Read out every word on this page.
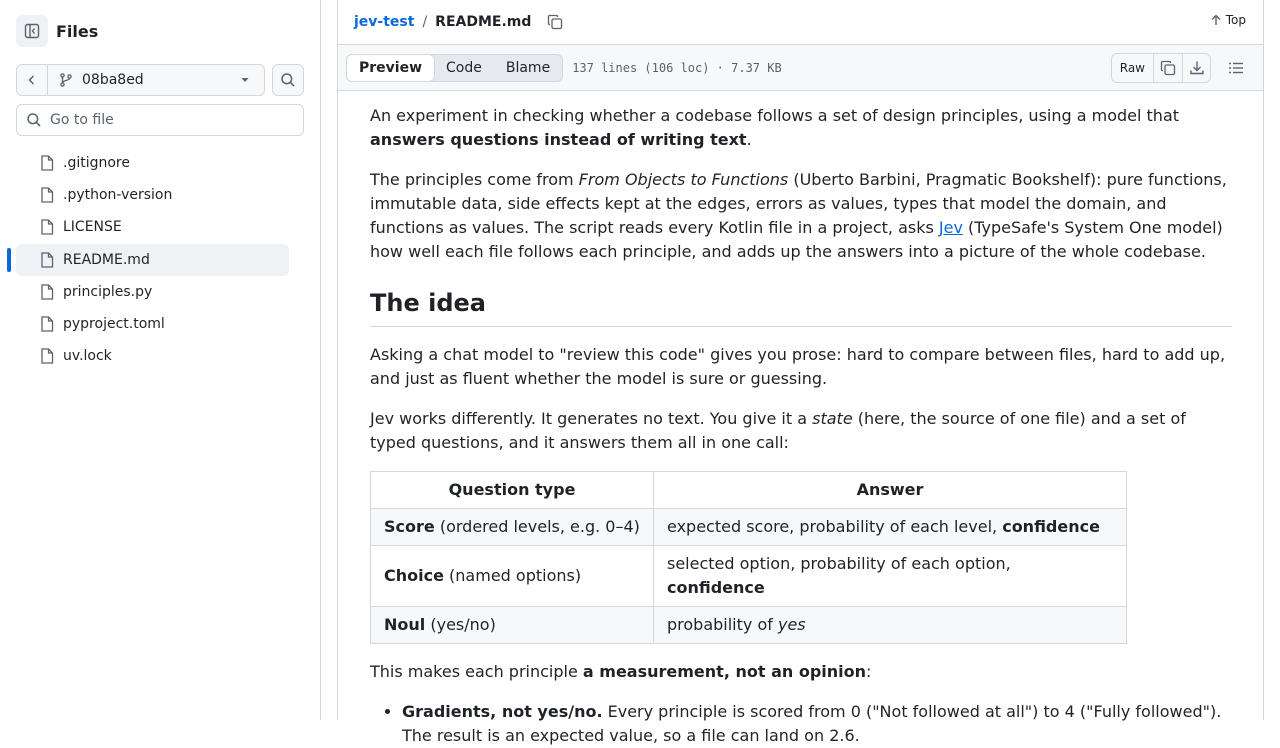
Files
08ba8ed
Go to file
.gitignore
.python-version
LICENSE
README.md
principles.py
pyproject.toml
uv.lock
jev-test / README.md	Top
Preview	Code	Blame	137 lines (106 loc) · 7.37 KB	Raw

An experiment in checking whether a codebase follows a set of design principles, using a model that answers questions instead of writing text.

The principles come from From Objects to Functions (Uberto Barbini, Pragmatic Bookshelf): pure functions, immutable data, side effects kept at the edges, errors as values, types that model the domain, and functions as values. The script reads every Kotlin file in a project, asks Jev (TypeSafe's System One model) how well each file follows each principle, and adds up the answers into a picture of the whole codebase.

The idea

Asking a chat model to "review this code" gives you prose: hard to compare between files, hard to add up, and just as fluent whether the model is sure or guessing.

Jev works differently. It generates no text. You give it a state (here, the source of one file) and a set of typed questions, and it answers them all in one call:

Question type	Answer
Score (ordered levels, e.g. 0–4)	expected score, probability of each level, confidence
Choice (named options)	selected option, probability of each option, confidence
Noul (yes/no)	probability of yes

This makes each principle a measurement, not an opinion:

• Gradients, not yes/no. Every principle is scored from 0 ("Not followed at all") to 4 ("Fully followed"). The result is an expected value, so a file can land on 2.6.
